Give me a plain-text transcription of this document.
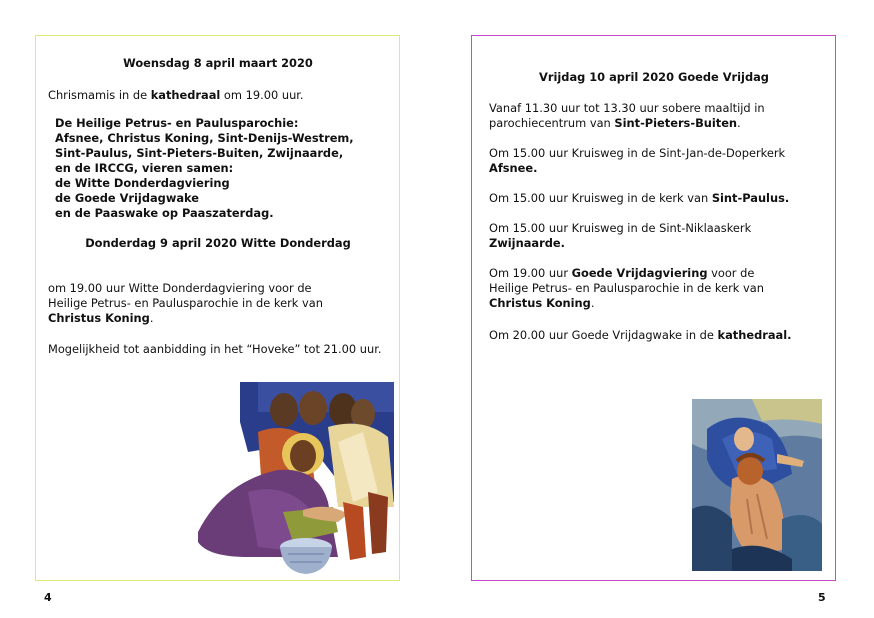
Woensdag 8 april maart 2020
Chrismamis in de kathedraal om 19.00 uur.
De Heilige Petrus- en Paulusparochie:
Afsnee, Christus Koning, Sint-Denijs-Westrem,
Sint-Paulus, Sint-Pieters-Buiten, Zwijnaarde,
en de IRCCG, vieren samen:
de Witte Donderdagviering
de Goede Vrijdagwake
en de Paaswake op Paaszaterdag.
Donderdag 9 april 2020 Witte Donderdag
om 19.00 uur Witte Donderdagviering voor de
Heilige Petrus- en Paulusparochie in de kerk van
Christus Koning.
Mogelijkheid tot aanbidding in het “Hoveke” tot 21.00 uur.
4
Vrijdag 10 april 2020 Goede Vrijdag
Vanaf 11.30 uur tot 13.30 uur sobere maaltijd in
parochiecentrum van Sint-Pieters-Buiten.
Om 15.00 uur Kruisweg in de Sint-Jan-de-Doperkerk
Afsnee.
Om 15.00 uur Kruisweg in de kerk van Sint-Paulus.
Om 15.00 uur Kruisweg in de Sint-Niklaaskerk
Zwijnaarde.
Om 19.00 uur Goede Vrijdagviering voor de
Heilige Petrus- en Paulusparochie in de kerk van
Christus Koning.
Om 20.00 uur Goede Vrijdagwake in de kathedraal.
5
